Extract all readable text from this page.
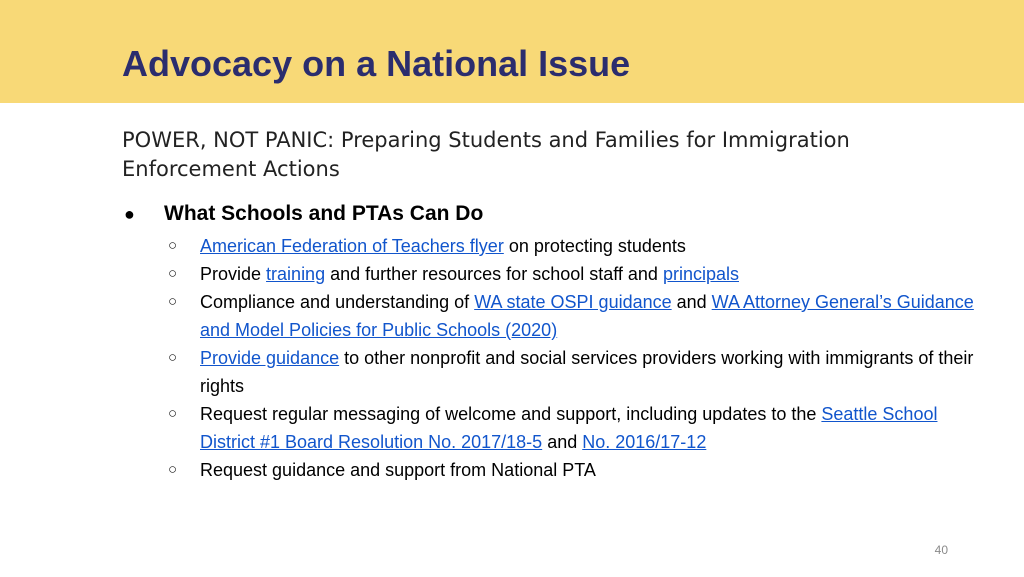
Advocacy on a National Issue

POWER, NOT PANIC: Preparing Students and Families for Immigration Enforcement Actions

●	What Schools and PTAs Can Do
○	American Federation of Teachers flyer on protecting students
○	Provide training and further resources for school staff and principals
○	Compliance and understanding of WA state OSPI guidance and WA Attorney General’s Guidance and Model Policies for Public Schools (2020)
○	Provide guidance to other nonprofit and social services providers working with immigrants of their rights
○	Request regular messaging of welcome and support, including updates to the Seattle School District #1 Board Resolution No. 2017/18-5 and No. 2016/17-12
○	Request guidance and support from National PTA
40
